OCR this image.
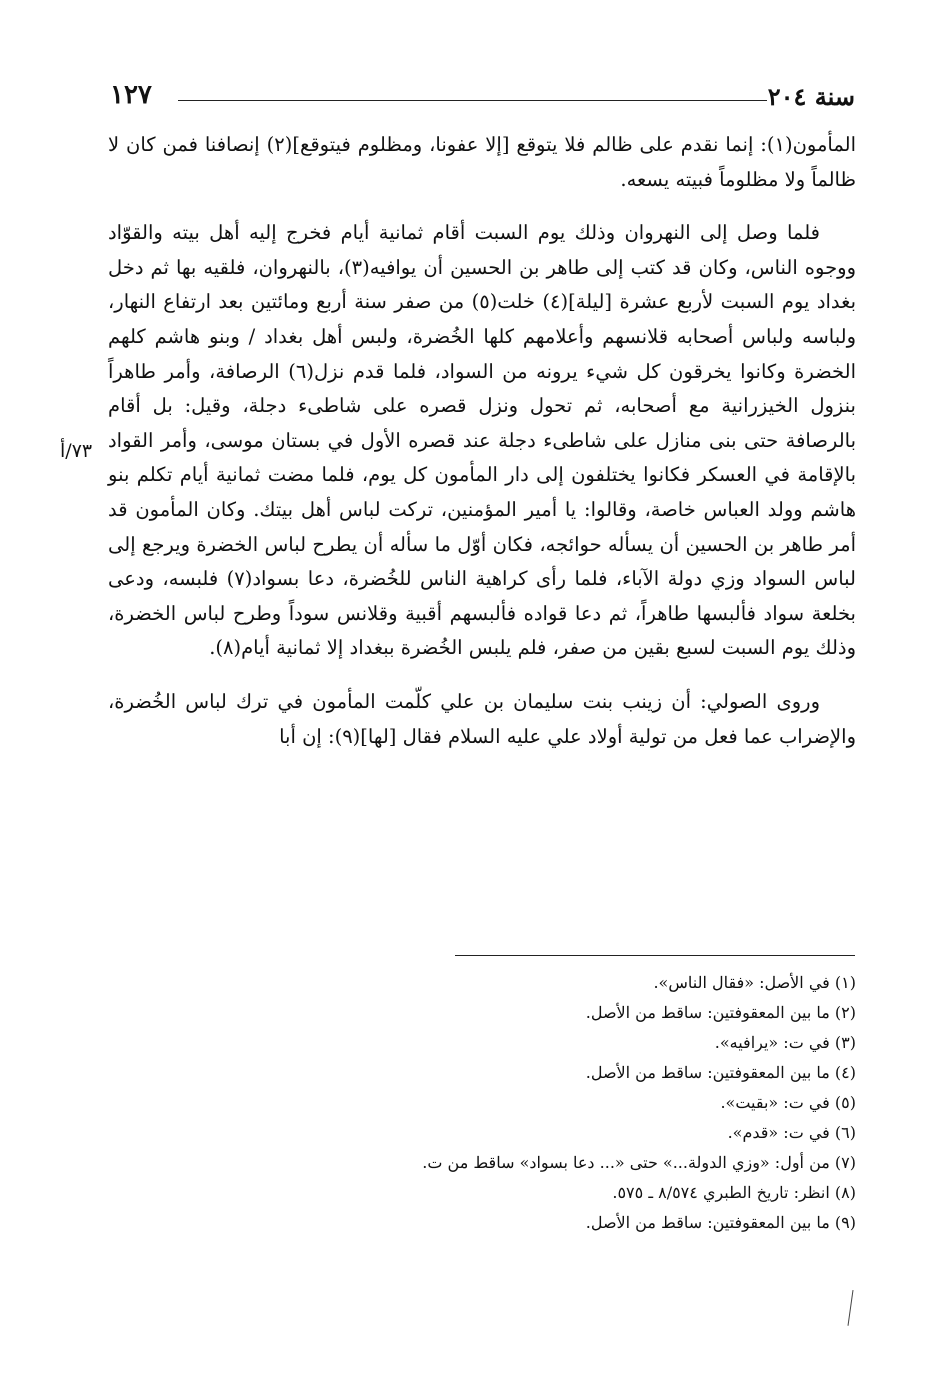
سنة ٢٠٤
١٢٧
٧٣/أ

المأمون(١): إنما نقدم على ظالم فلا يتوقع [إلا عفونا، ومظلوم فيتوقع](٢) إنصافنا فمن كان لا ظالماً ولا مظلوماً فبيته يسعه.

فلما وصل إلى النهروان وذلك يوم السبت أقام ثمانية أيام فخرج إليه أهل بيته والقوّاد ووجوه الناس، وكان قد كتب إلى طاهر بن الحسين أن يوافيه(٣)، بالنهروان، فلقيه بها ثم دخل بغداد يوم السبت لأربع عشرة [ليلة](٤) خلت(٥) من صفر سنة أربع ومائتين بعد ارتفاع النهار، ولباسه ولباس أصحابه قلانسهم وأعلامهم كلها الخُضرة، ولبس أهل بغداد / وبنو هاشم كلهم الخضرة وكانوا يخرقون كل شيء يرونه من السواد، فلما قدم نزل(٦) الرصافة، وأمر طاهراً بنزول الخيزرانية مع أصحابه، ثم تحول ونزل قصره على شاطىء دجلة، وقيل: بل أقام بالرصافة حتى بنى منازل على شاطىء دجلة عند قصره الأول في بستان موسى، وأمر القواد بالإقامة في العسكر فكانوا يختلفون إلى دار المأمون كل يوم، فلما مضت ثمانية أيام تكلم بنو هاشم وولد العباس خاصة، وقالوا: يا أمير المؤمنين، تركت لباس أهل بيتك. وكان المأمون قد أمر طاهر بن الحسين أن يسأله حوائجه، فكان أوّل ما سأله أن يطرح لباس الخضرة ويرجع إلى لباس السواد وزي دولة الآباء، فلما رأى كراهية الناس للخُضرة، دعا بسواد(٧) فلبسه، ودعى بخلعة سواد فألبسها طاهراً، ثم دعا قواده فألبسهم أقبية وقلانس سوداً وطرح لباس الخضرة، وذلك يوم السبت لسبع بقين من صفر، فلم يلبس الخُضرة ببغداد إلا ثمانية أيام(٨).

وروى الصولي: أن زينب بنت سليمان بن علي كلّمت المأمون في ترك لباس الخُضرة، والإضراب عما فعل من تولية أولاد علي عليه السلام فقال [لها](٩): إن أبا

(١) في الأصل: «فقال الناس».
(٢) ما بين المعقوفتين: ساقط من الأصل.
(٣) في ت: «يرافيه».
(٤) ما بين المعقوفتين: ساقط من الأصل.
(٥) في ت: «بقيت».
(٦) في ت: «قدم».
(٧) من أول: «وزي الدولة...» حتى «... دعا بسواد» ساقط من ت.
(٨) انظر: تاريخ الطبري ٨/٥٧٤ ـ ٥٧٥.
(٩) ما بين المعقوفتين: ساقط من الأصل.
